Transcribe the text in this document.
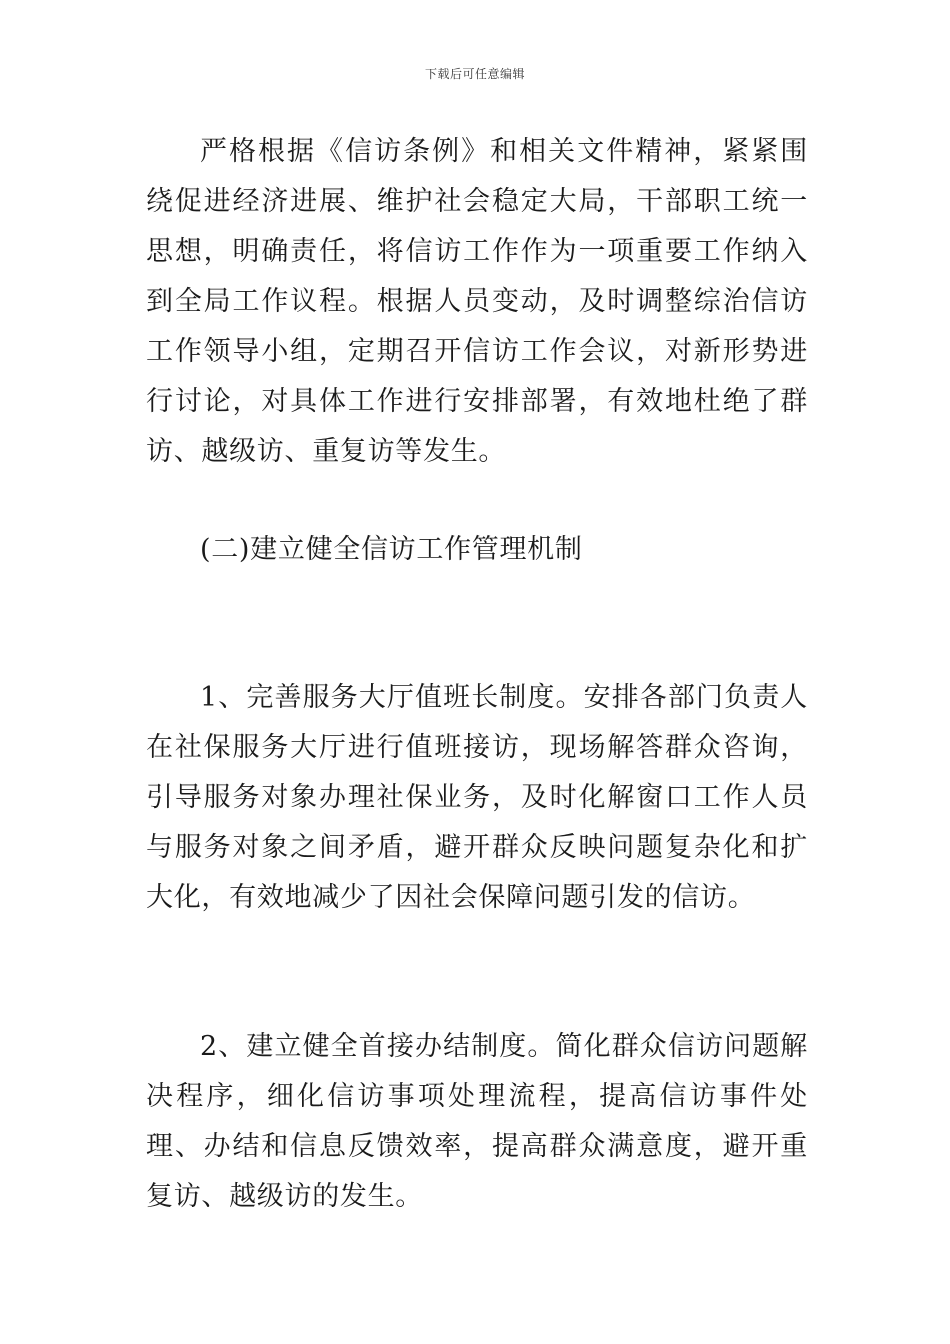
下载后可任意编辑

严格根据《信访条例》和相关文件精神，紧紧围绕促进经济进展、维护社会稳定大局，干部职工统一思想，明确责任，将信访工作作为一项重要工作纳入到全局工作议程。根据人员变动，及时调整综治信访工作领导小组，定期召开信访工作会议，对新形势进行讨论，对具体工作进行安排部署，有效地杜绝了群访、越级访、重复访等发生。

(二)建立健全信访工作管理机制

1、完善服务大厅值班长制度。安排各部门负责人在社保服务大厅进行值班接访，现场解答群众咨询，引导服务对象办理社保业务，及时化解窗口工作人员与服务对象之间矛盾，避开群众反映问题复杂化和扩大化，有效地减少了因社会保障问题引发的信访。

2、建立健全首接办结制度。简化群众信访问题解决程序，细化信访事项处理流程，提高信访事件处理、办结和信息反馈效率，提高群众满意度，避开重复访、越级访的发生。
